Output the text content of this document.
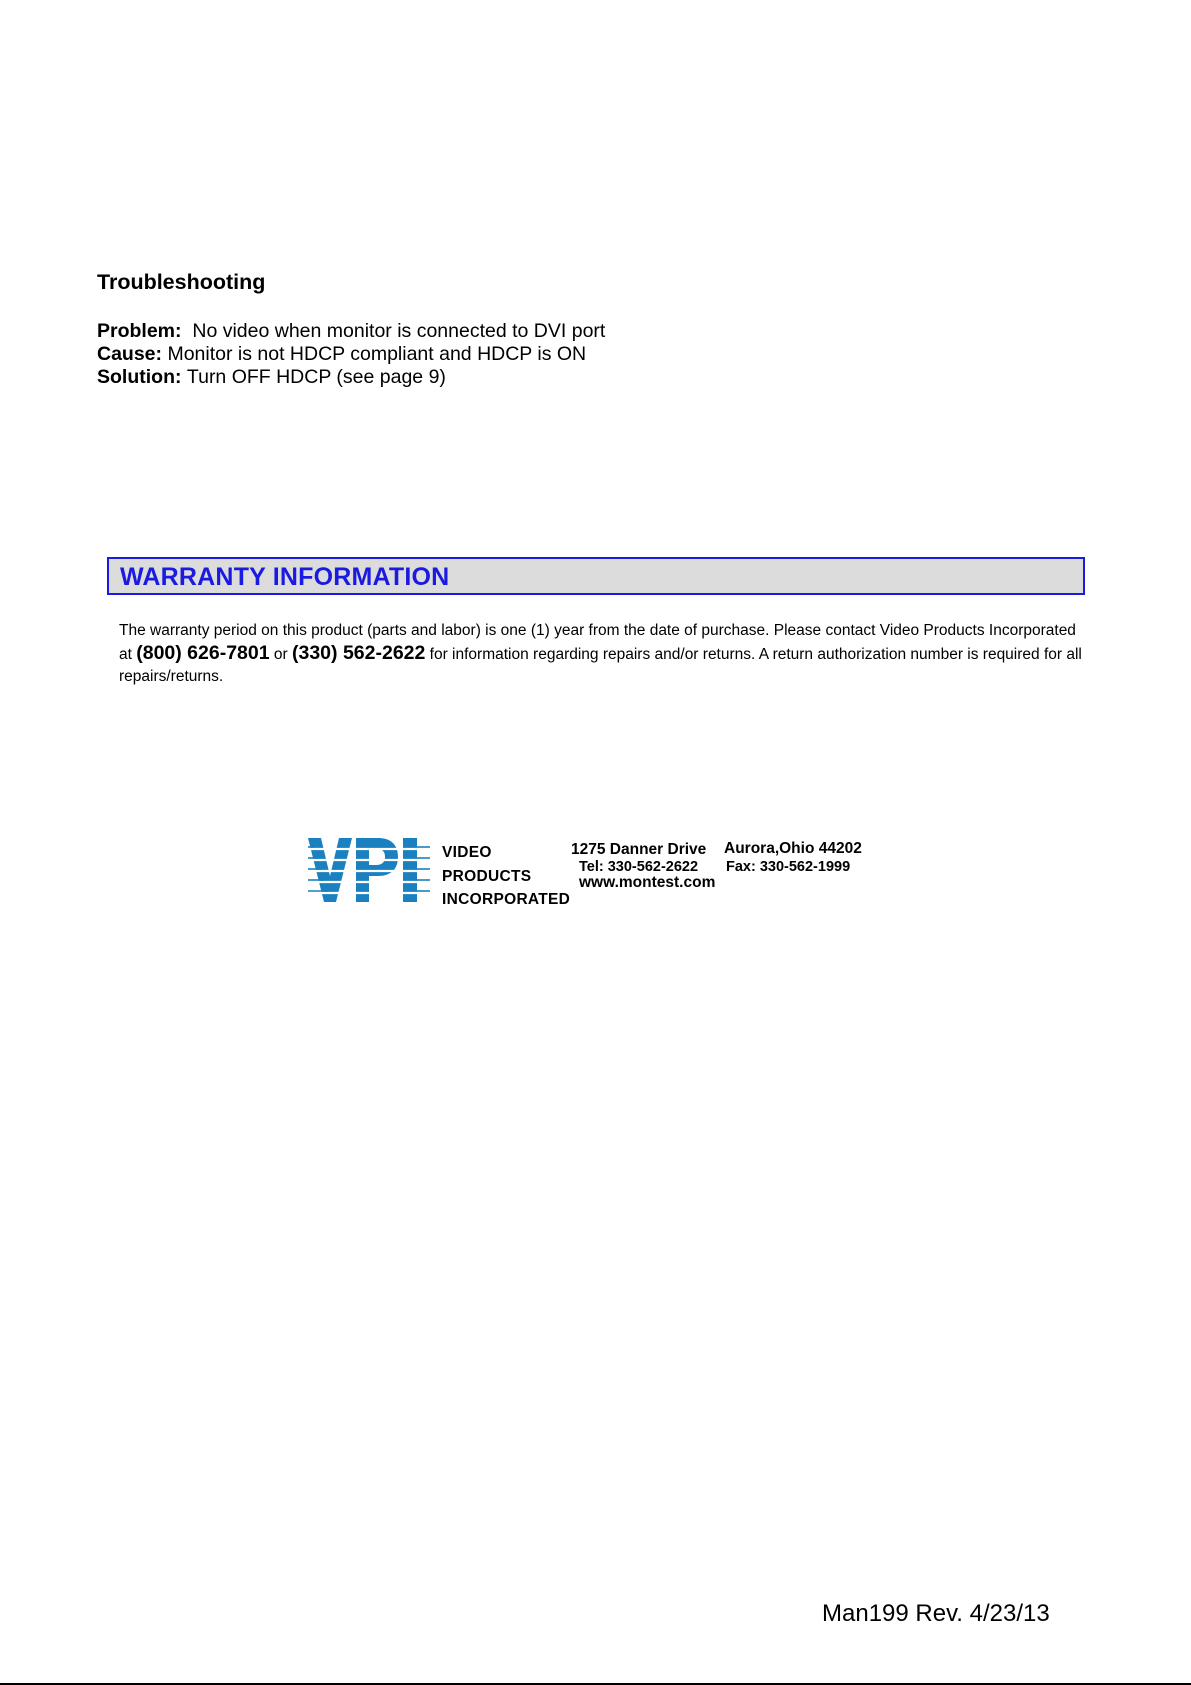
Troubleshooting
Problem: No video when monitor is connected to DVI port
Cause: Monitor is not HDCP compliant and HDCP is ON
Solution: Turn OFF HDCP (see page 9)
WARRANTY INFORMATION
The warranty period on this product (parts and labor) is one (1) year from the date of purchase. Please contact Video Products Incorporated at (800) 626-7801 or (330) 562-2622 for information regarding repairs and/or returns. A return authorization number is required for all repairs/returns.
VIDEO
PRODUCTS
INCORPORATED
1275 Danner Drive Aurora,Ohio 44202
Tel: 330-562-2622 Fax: 330-562-1999
www.montest.com
Man199 Rev. 4/23/13
